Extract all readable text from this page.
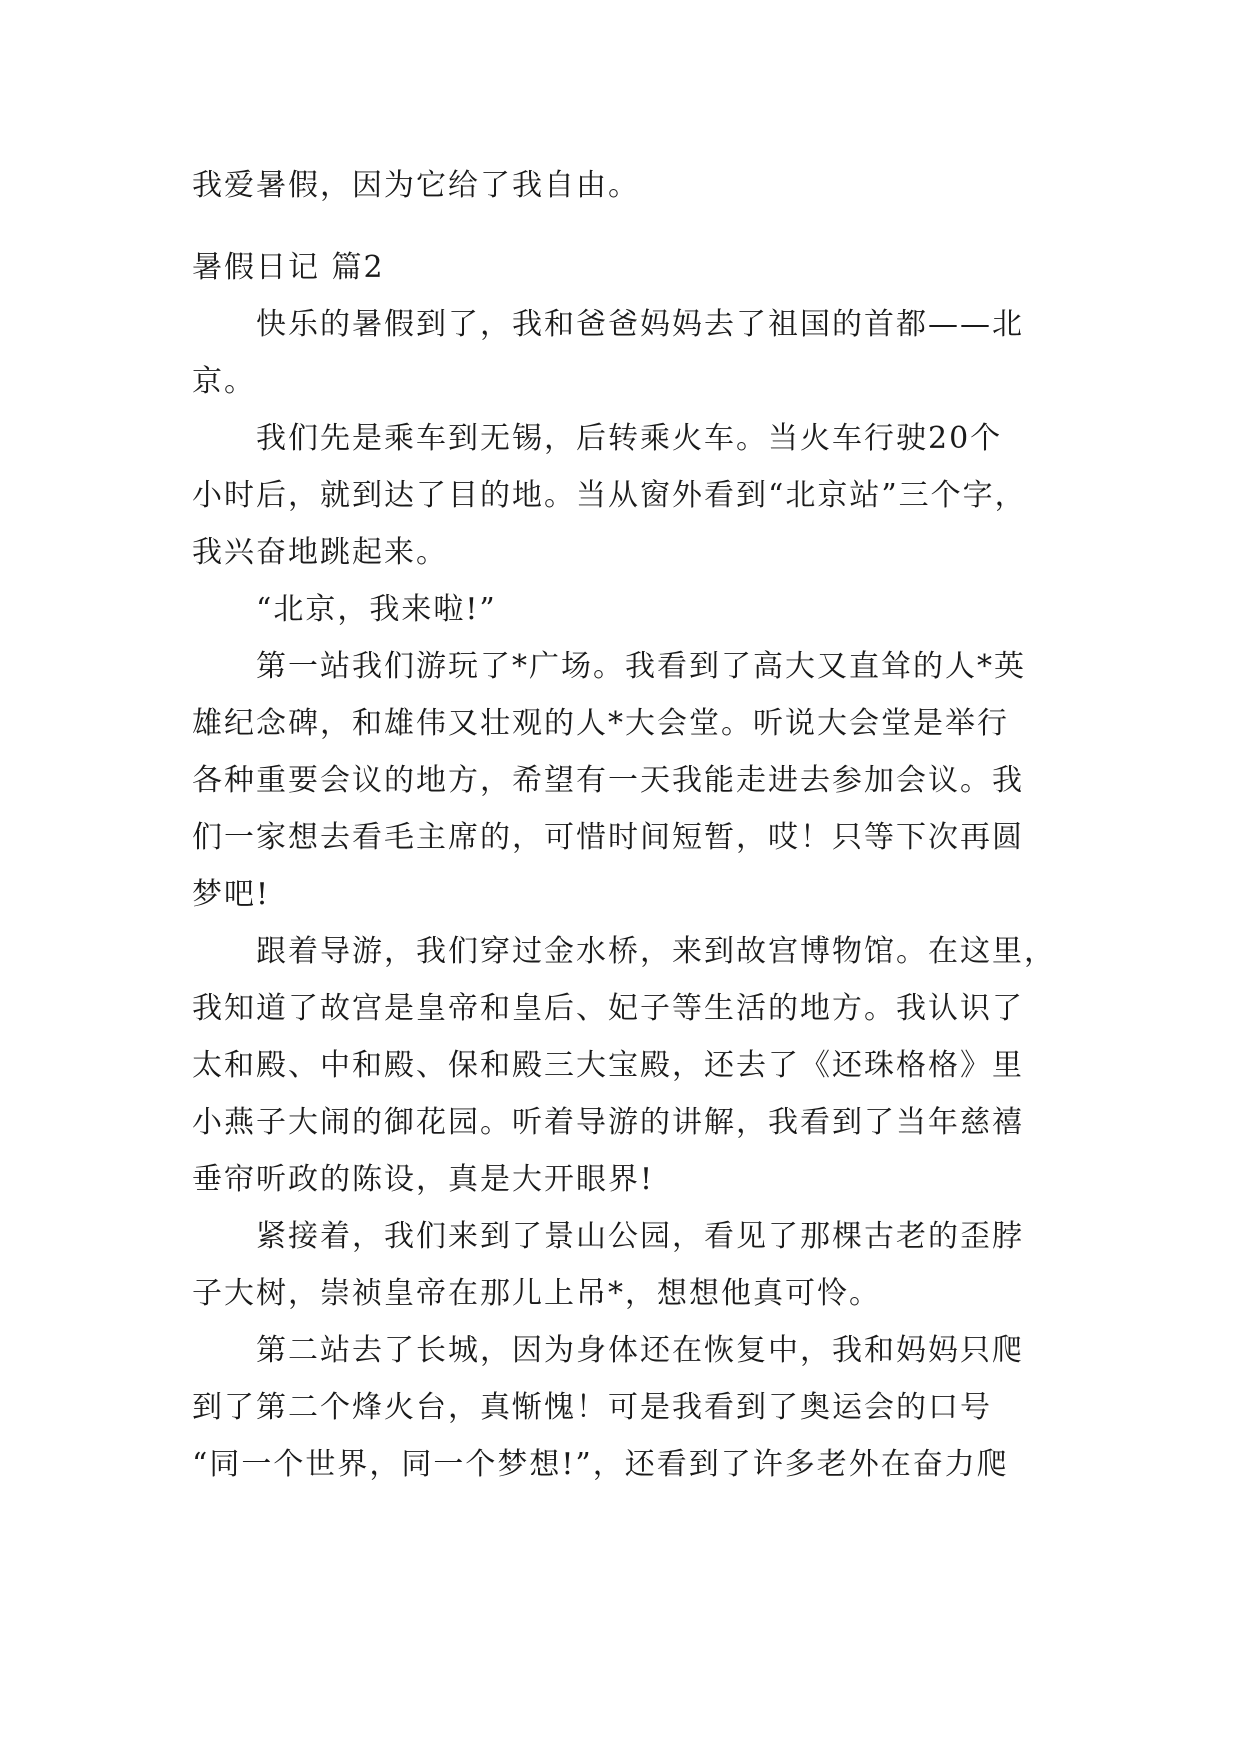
我爱暑假，因为它给了我自由。
暑假日记 篇2
快乐的暑假到了，我和爸爸妈妈去了祖国的首都——北
京。
我们先是乘车到无锡，后转乘火车。当火车行驶20个
小时后，就到达了目的地。当从窗外看到“北京站”三个字，
我兴奋地跳起来。
“北京，我来啦!”
第一站我们游玩了*广场。我看到了高大又直耸的人*英
雄纪念碑，和雄伟又壮观的人*大会堂。听说大会堂是举行
各种重要会议的地方，希望有一天我能走进去参加会议。我
们一家想去看毛主席的，可惜时间短暂，哎！只等下次再圆
梦吧!
跟着导游，我们穿过金水桥，来到故宫博物馆。在这里，
我知道了故宫是皇帝和皇后、妃子等生活的地方。我认识了
太和殿、中和殿、保和殿三大宝殿，还去了《还珠格格》里
小燕子大闹的御花园。听着导游的讲解，我看到了当年慈禧
垂帘听政的陈设，真是大开眼界!
紧接着，我们来到了景山公园，看见了那棵古老的歪脖
子大树，崇祯皇帝在那儿上吊*，想想他真可怜。
第二站去了长城，因为身体还在恢复中，我和妈妈只爬
到了第二个烽火台，真惭愧！可是我看到了奥运会的口号
“同一个世界，同一个梦想!”，还看到了许多老外在奋力爬
